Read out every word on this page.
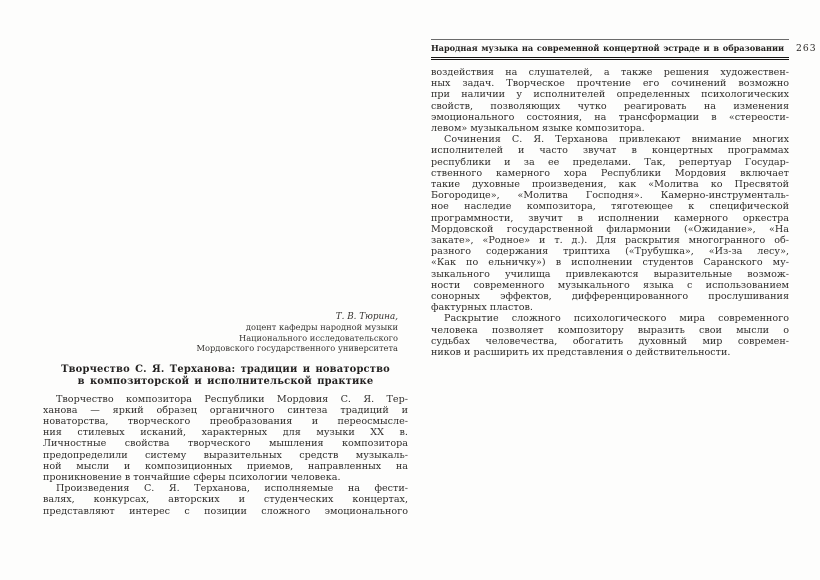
Народная музыка на современной концертной эстраде и в образовании 263
воздействия на слушателей, а также решения художествен-
ных задач. Творческое прочтение его сочинений возможно
при наличии у исполнителей определенных психологических
свойств, позволяющих чутко реагировать на изменения
эмоционального состояния, на трансформации в «стереости-
левом» музыкальном языке композитора.
Сочинения С. Я. Терханова привлекают внимание многих
исполнителей и часто звучат в концертных программах
республики и за ее пределами. Так, репертуар Государ-
ственного камерного хора Республики Мордовия включает
такие духовные произведения, как «Молитва ко Пресвятой
Богородице», «Молитва Господня». Камерно-инструменталь-
ное наследие композитора, тяготеющее к специфической
программности, звучит в исполнении камерного оркестра
Мордовской государственной филармонии («Ожидание», «На
закате», «Родное» и т. д.). Для раскрытия многогранного об-
разного содержания триптиха («Трубушка», «Из-за лесу»,
«Как по ельничку») в исполнении студентов Саранского му-
зыкального училища привлекаются выразительные возмож-
ности современного музыкального языка с использованием
сонорных эффектов, дифференцированного прослушивания
фактурных пластов.
Раскрытие сложного психологического мира современного
человека позволяет композитору выразить свои мысли о
судьбах человечества, обогатить духовный мир современ-
ников и расширить их представления о действительности.
Т. В. Тюрина,
доцент кафедры народной музыки
Национального исследовательского
Мордовского государственного университета
Творчество С. Я. Терханова: традиции и новаторство
в композиторской и исполнительской практике
Творчество композитора Республики Мордовия С. Я. Тер-
ханова — яркий образец органичного синтеза традиций и
новаторства, творческого преобразования и переосмысле-
ния стилевых исканий, характерных для музыки XX в.
Личностные свойства творческого мышления композитора
предопределили систему выразительных средств музыкаль-
ной мысли и композиционных приемов, направленных на
проникновение в тончайшие сферы психологии человека.
Произведения С. Я. Терханова, исполняемые на фести-
валях, конкурсах, авторских и студенческих концертах,
представляют интерес с позиции сложного эмоционального
